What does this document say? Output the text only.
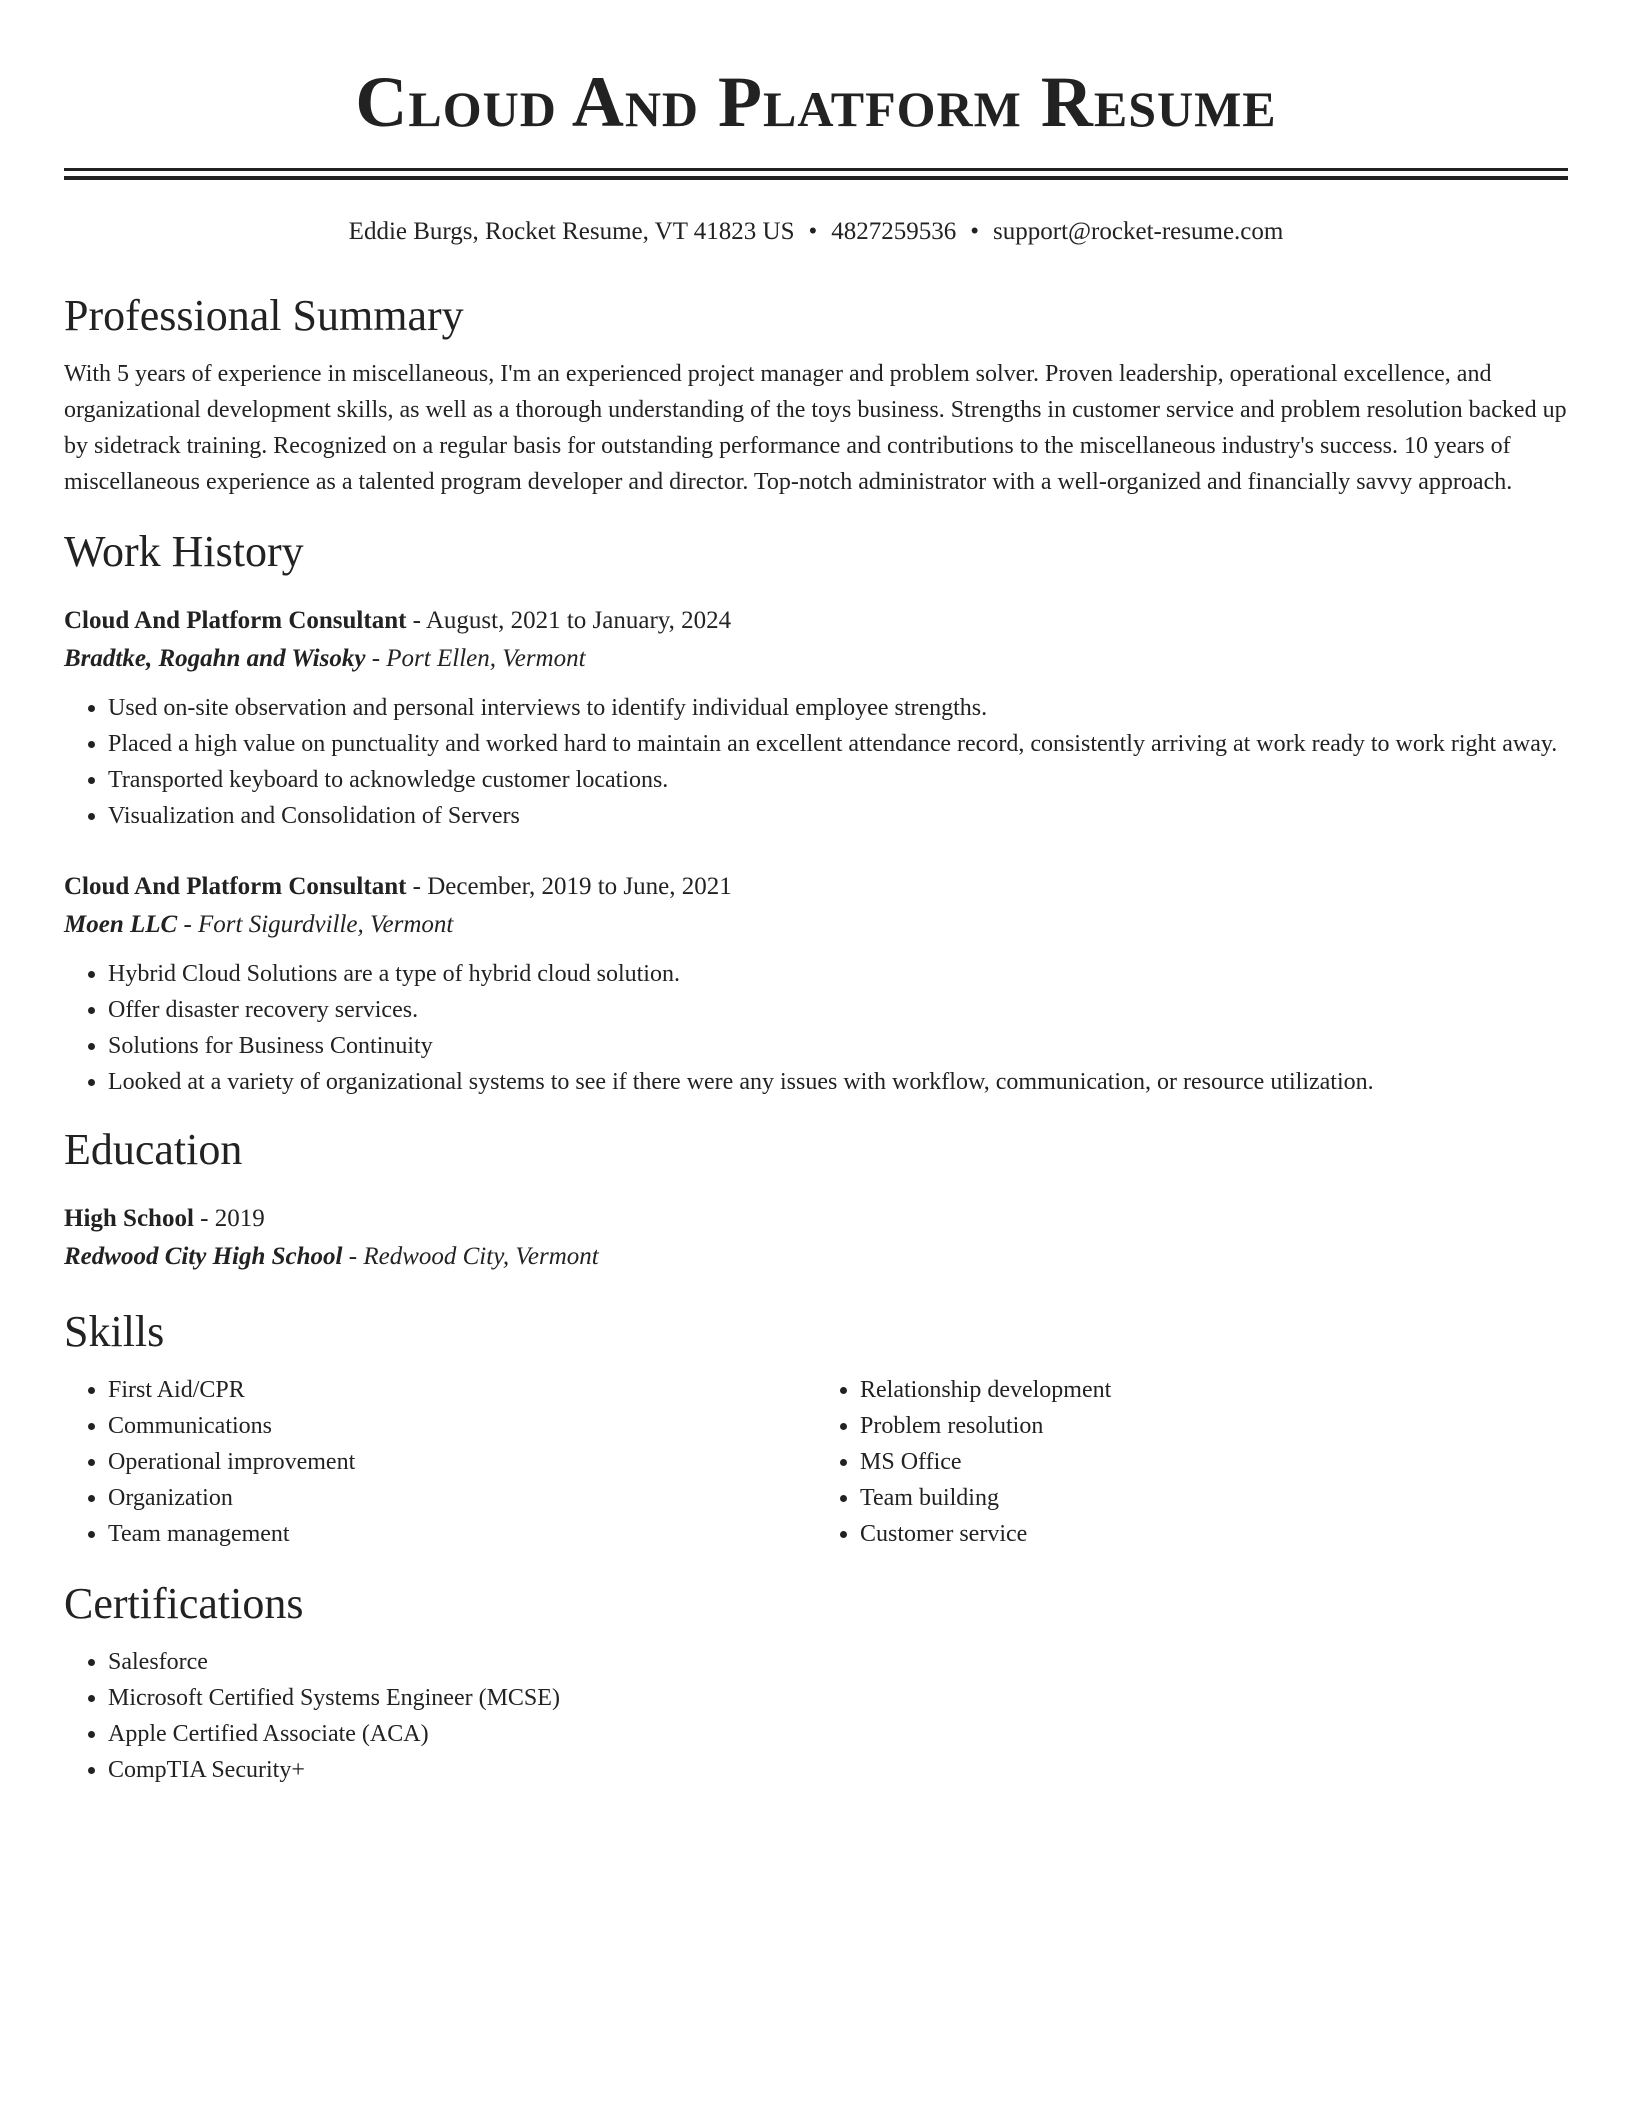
Cloud And Platform Resume
Eddie Burgs, Rocket Resume, VT 41823 US • 4827259536 • support@rocket-resume.com
Professional Summary

With 5 years of experience in miscellaneous, I'm an experienced project manager and problem solver. Proven leadership, operational excellence, and organizational development skills, as well as a thorough understanding of the toys business. Strengths in customer service and problem resolution backed up by sidetrack training. Recognized on a regular basis for outstanding performance and contributions to the miscellaneous industry's success. 10 years of miscellaneous experience as a talented program developer and director. Top-notch administrator with a well-organized and financially savvy approach.

Work History
Cloud And Platform Consultant - August, 2021 to January, 2024
Bradtke, Rogahn and Wisoky - Port Ellen, Vermont
• Used on-site observation and personal interviews to identify individual employee strengths.
• Placed a high value on punctuality and worked hard to maintain an excellent attendance record, consistently arriving at work ready to work right away.
• Transported keyboard to acknowledge customer locations.
• Visualization and Consolidation of Servers
Cloud And Platform Consultant - December, 2019 to June, 2021
Moen LLC - Fort Sigurdville, Vermont
• Hybrid Cloud Solutions are a type of hybrid cloud solution.
• Offer disaster recovery services.
• Solutions for Business Continuity
• Looked at a variety of organizational systems to see if there were any issues with workflow, communication, or resource utilization.
Education
High School - 2019
Redwood City High School - Redwood City, Vermont
Skills
• First Aid/CPR
• Communications
• Operational improvement
• Organization
• Team management
• Relationship development
• Problem resolution
• MS Office
• Team building
• Customer service
Certifications
• Salesforce
• Microsoft Certified Systems Engineer (MCSE)
• Apple Certified Associate (ACA)
• CompTIA Security+
